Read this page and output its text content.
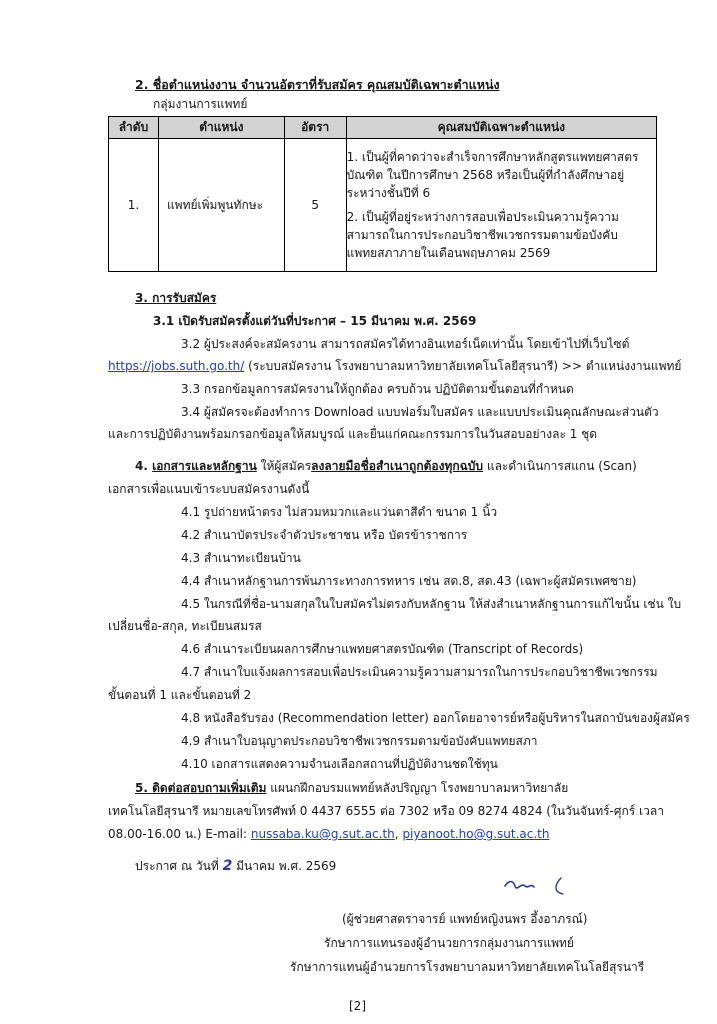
2. ชื่อตำแหน่งงาน จำนวนอัตราที่รับสมัคร คุณสมบัติเฉพาะตำแหน่ง
กลุ่มงานการแพทย์
ลำดับ	ตำแหน่ง	อัตรา	คุณสมบัติเฉพาะตำแหน่ง
1.	แพทย์เพิ่มพูนทักษะ	5	1. เป็นผู้ที่คาดว่าจะสำเร็จการศึกษาหลักสูตรแพทยศาสตรบัณฑิต ในปีการศึกษา 2568 หรือเป็นผู้ที่กำลังศึกษาอยู่ระหว่างชั้นปีที่ 6
2. เป็นผู้ที่อยู่ระหว่างการสอบเพื่อประเมินความรู้ความสามารถในการประกอบวิชาชีพเวชกรรมตามข้อบังคับแพทยสภาภายในเดือนพฤษภาคม 2569
3. การรับสมัคร
3.1 เปิดรับสมัครตั้งแต่วันที่ประกาศ – 15 มีนาคม พ.ศ. 2569
3.2 ผู้ประสงค์จะสมัครงาน สามารถสมัครได้ทางอินเทอร์เน็ตเท่านั้น โดยเข้าไปที่เว็บไซต์
https://jobs.suth.go.th/ (ระบบสมัครงาน โรงพยาบาลมหาวิทยาลัยเทคโนโลยีสุรนารี) >> ตำแหน่งงานแพทย์
3.3 กรอกข้อมูลการสมัครงานให้ถูกต้อง ครบถ้วน ปฏิบัติตามขั้นตอนที่กำหนด
3.4 ผู้สมัครจะต้องทำการ Download แบบฟอร์มใบสมัคร และแบบประเมินคุณลักษณะส่วนตัว
และการปฏิบัติงานพร้อมกรอกข้อมูลให้สมบูรณ์ และยื่นแก่คณะกรรมการในวันสอบอย่างละ 1 ชุด
4. เอกสารและหลักฐาน ให้ผู้สมัครลงลายมือชื่อสำเนาถูกต้องทุกฉบับ และดำเนินการสแกน (Scan)
เอกสารเพื่อแนบเข้าระบบสมัครงานดังนี้
4.1 รูปถ่ายหน้าตรง ไม่สวมหมวกและแว่นตาสีดำ ขนาด 1 นิ้ว
4.2 สำเนาบัตรประจำตัวประชาชน หรือ บัตรข้าราชการ
4.3 สำเนาทะเบียนบ้าน
4.4 สำเนาหลักฐานการพ้นภาระทางการทหาร เช่น สด.8, สด.43 (เฉพาะผู้สมัครเพศชาย)
4.5 ในกรณีที่ชื่อ-นามสกุลในใบสมัครไม่ตรงกับหลักฐาน ให้ส่งสำเนาหลักฐานการแก้ไขนั้น เช่น ใบ
เปลี่ยนชื่อ-สกุล, ทะเบียนสมรส
4.6 สำเนาระเบียนผลการศึกษาแพทยศาสตรบัณฑิต (Transcript of Records)
4.7 สำเนาใบแจ้งผลการสอบเพื่อประเมินความรู้ความสามารถในการประกอบวิชาชีพเวชกรรม
ขั้นตอนที่ 1 และขั้นตอนที่ 2
4.8 หนังสือรับรอง (Recommendation letter) ออกโดยอาจารย์หรือผู้บริหารในสถาบันของผู้สมัคร
4.9 สำเนาใบอนุญาตประกอบวิชาชีพเวชกรรมตามข้อบังคับแพทยสภา
4.10 เอกสารแสดงความจำนงเลือกสถานที่ปฏิบัติงานชดใช้ทุน
5. ติดต่อสอบถามเพิ่มเติม แผนกฝึกอบรมแพทย์หลังปริญญา โรงพยาบาลมหาวิทยาลัย
เทคโนโลยีสุรนารี หมายเลขโทรศัพท์ 0 4437 6555 ต่อ 7302 หรือ 09 8274 4824 (ในวันจันทร์-ศุกร์ เวลา
08.00-16.00 น.) E-mail: nussaba.ku@g.sut.ac.th, piyanoot.ho@g.sut.ac.th
ประกาศ ณ วันที่ 2 มีนาคม พ.ศ. 2569
(ผู้ช่วยศาสตราจารย์ แพทย์หญิงนพร อึ้งอาภรณ์)
รักษาการแทนรองผู้อำนวยการกลุ่มงานการแพทย์
รักษาการแทนผู้อำนวยการโรงพยาบาลมหาวิทยาลัยเทคโนโลยีสุรนารี
[2]
